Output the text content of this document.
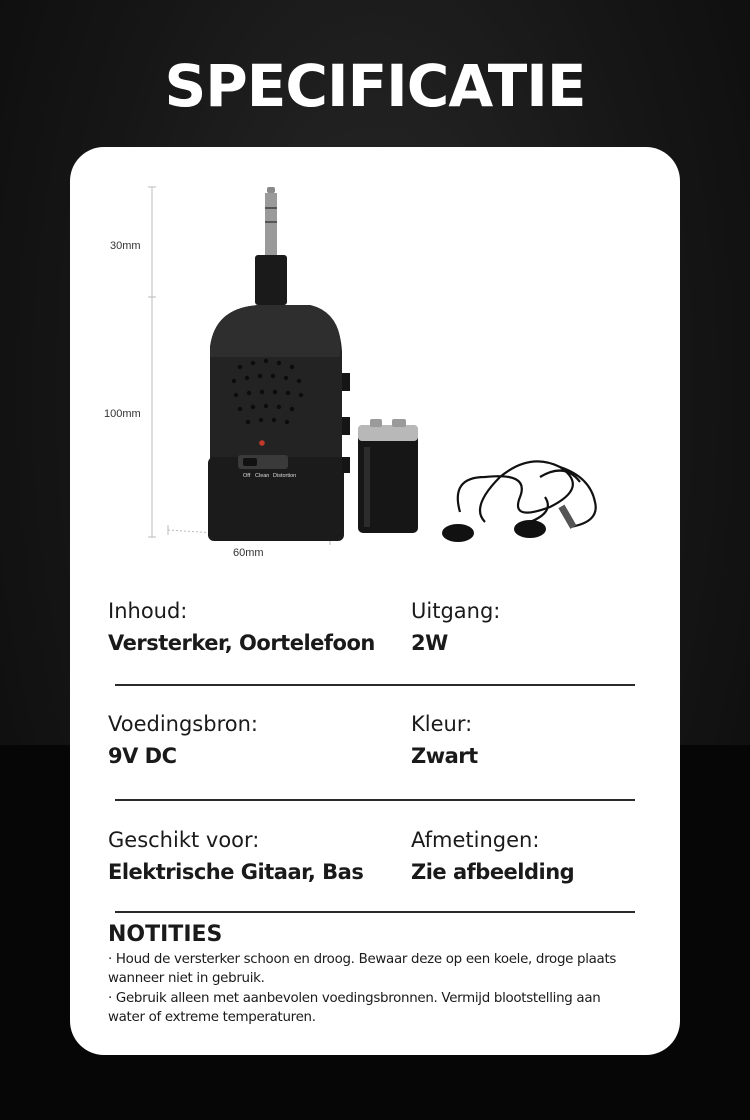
SPECIFICATIE
30mm
100mm
60mm
Off Clean Distortion
Inhoud:
Versterker, Oortelefoon
Uitgang:
2W
Voedingsbron:
9V DC
Kleur:
Zwart
Geschikt voor:
Elektrische Gitaar, Bas
Afmetingen:
Zie afbeelding
NOTITIES
· Houd de versterker schoon en droog. Bewaar deze op een koele, droge plaats wanneer niet in gebruik.
· Gebruik alleen met aanbevolen voedingsbronnen. Vermijd blootstelling aan water of extreme temperaturen.
